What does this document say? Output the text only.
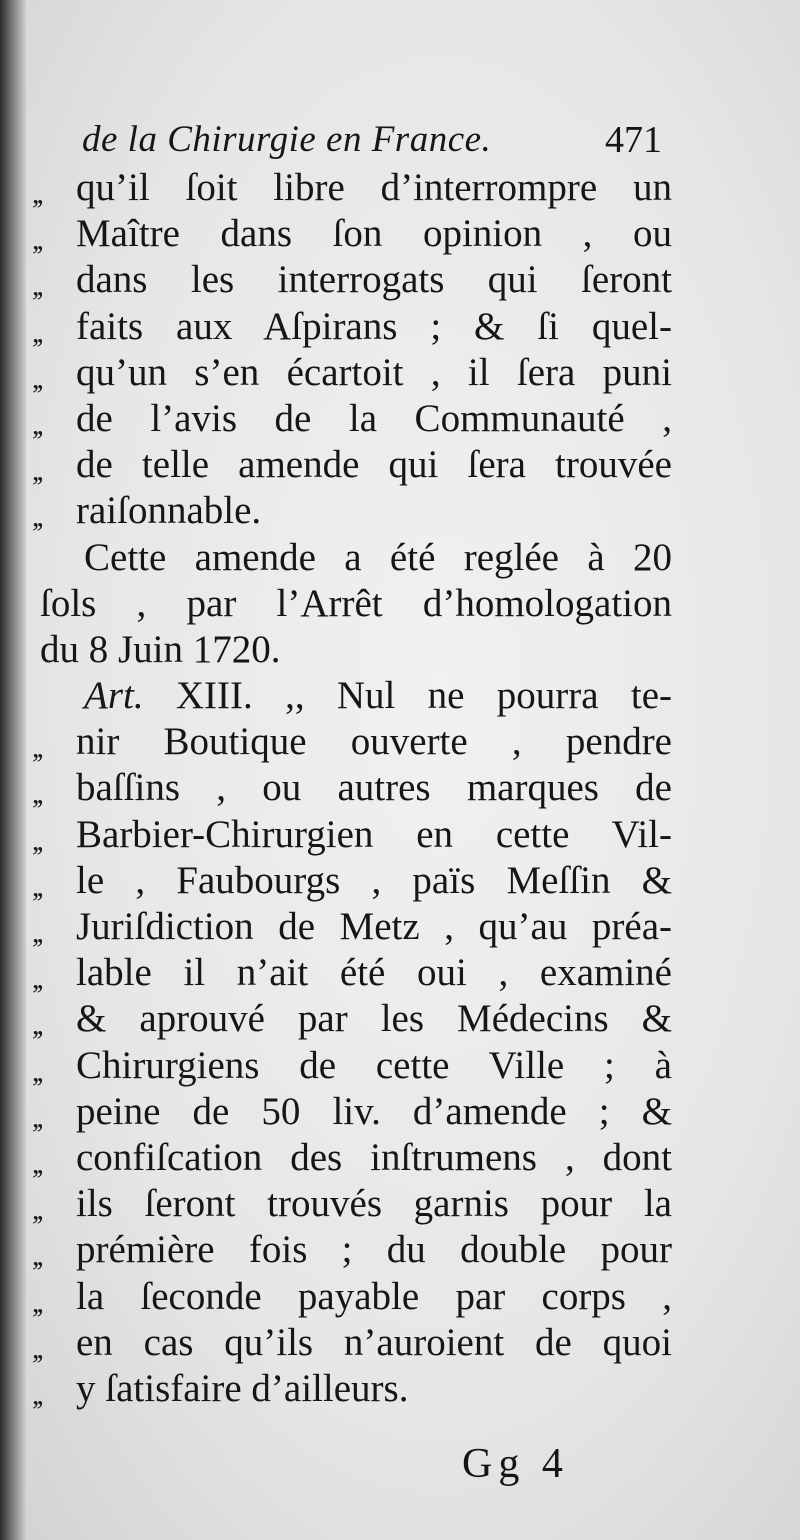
de la Chirurgie en France.	471
,, qu’il ſoit libre d’interrompre un
,, Maître dans ſon opinion , ou
,, dans les interrogats qui ſeront
,, faits aux Aſpirans ; & ſi quel-
,, qu’un s’en écartoit , il ſera puni
,, de l’avis de la Communauté ,
,, de telle amende qui ſera trouvée
,, raiſonnable.
Cette amende a été reglée à 20
ſols , par l’Arrêt d’homologation
du 8 Juin 1720.
Art. XIII. ,, Nul ne pourra te-
,, nir Boutique ouverte , pendre
,, baſſins , ou autres marques de
,, Barbier-Chirurgien en cette Vil-
,, le , Faubourgs , païs Meſſin &
,, Juriſdiction de Metz , qu’au préa-
,, lable il n’ait été oui , examiné
,, & aprouvé par les Médecins &
,, Chirurgiens de cette Ville ; à
,, peine de 50 liv. d’amende ; &
,, confiſcation des inſtrumens , dont
,, ils ſeront trouvés garnis pour la
,, prémière fois ; du double pour
,, la ſeconde payable par corps ,
,, en cas qu’ils n’auroient de quoi
,, y ſatisfaire d’ailleurs.
Gg 4
